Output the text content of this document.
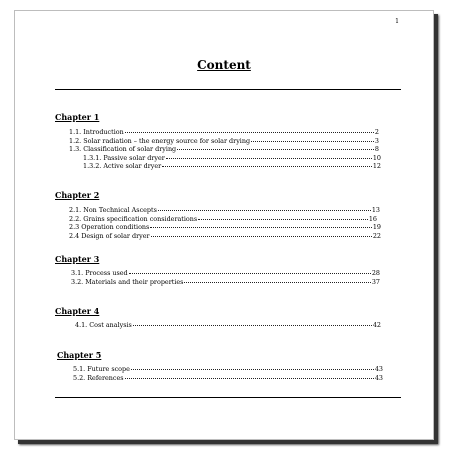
1
Content
Chapter 1
1.1. Introduction	2
1.2. Solar radiation – the energy source for solar drying	3
1.3. Classification of solar drying	8
1.3.1. Passive solar dryer	10
1.3.2. Active solar dryer	12
Chapter 2
2.1. Non Technical Ascepts	13
2.2. Grains specification considerations	16
2.3 Operation conditions	19
2.4 Design of solar dryer	22
Chapter 3
3.1. Process used	28
3.2. Materials and their properties	37
Chapter 4
4.1. Cost analysis	42
Chapter 5
5.1. Future scope	43
5.2. References	43
